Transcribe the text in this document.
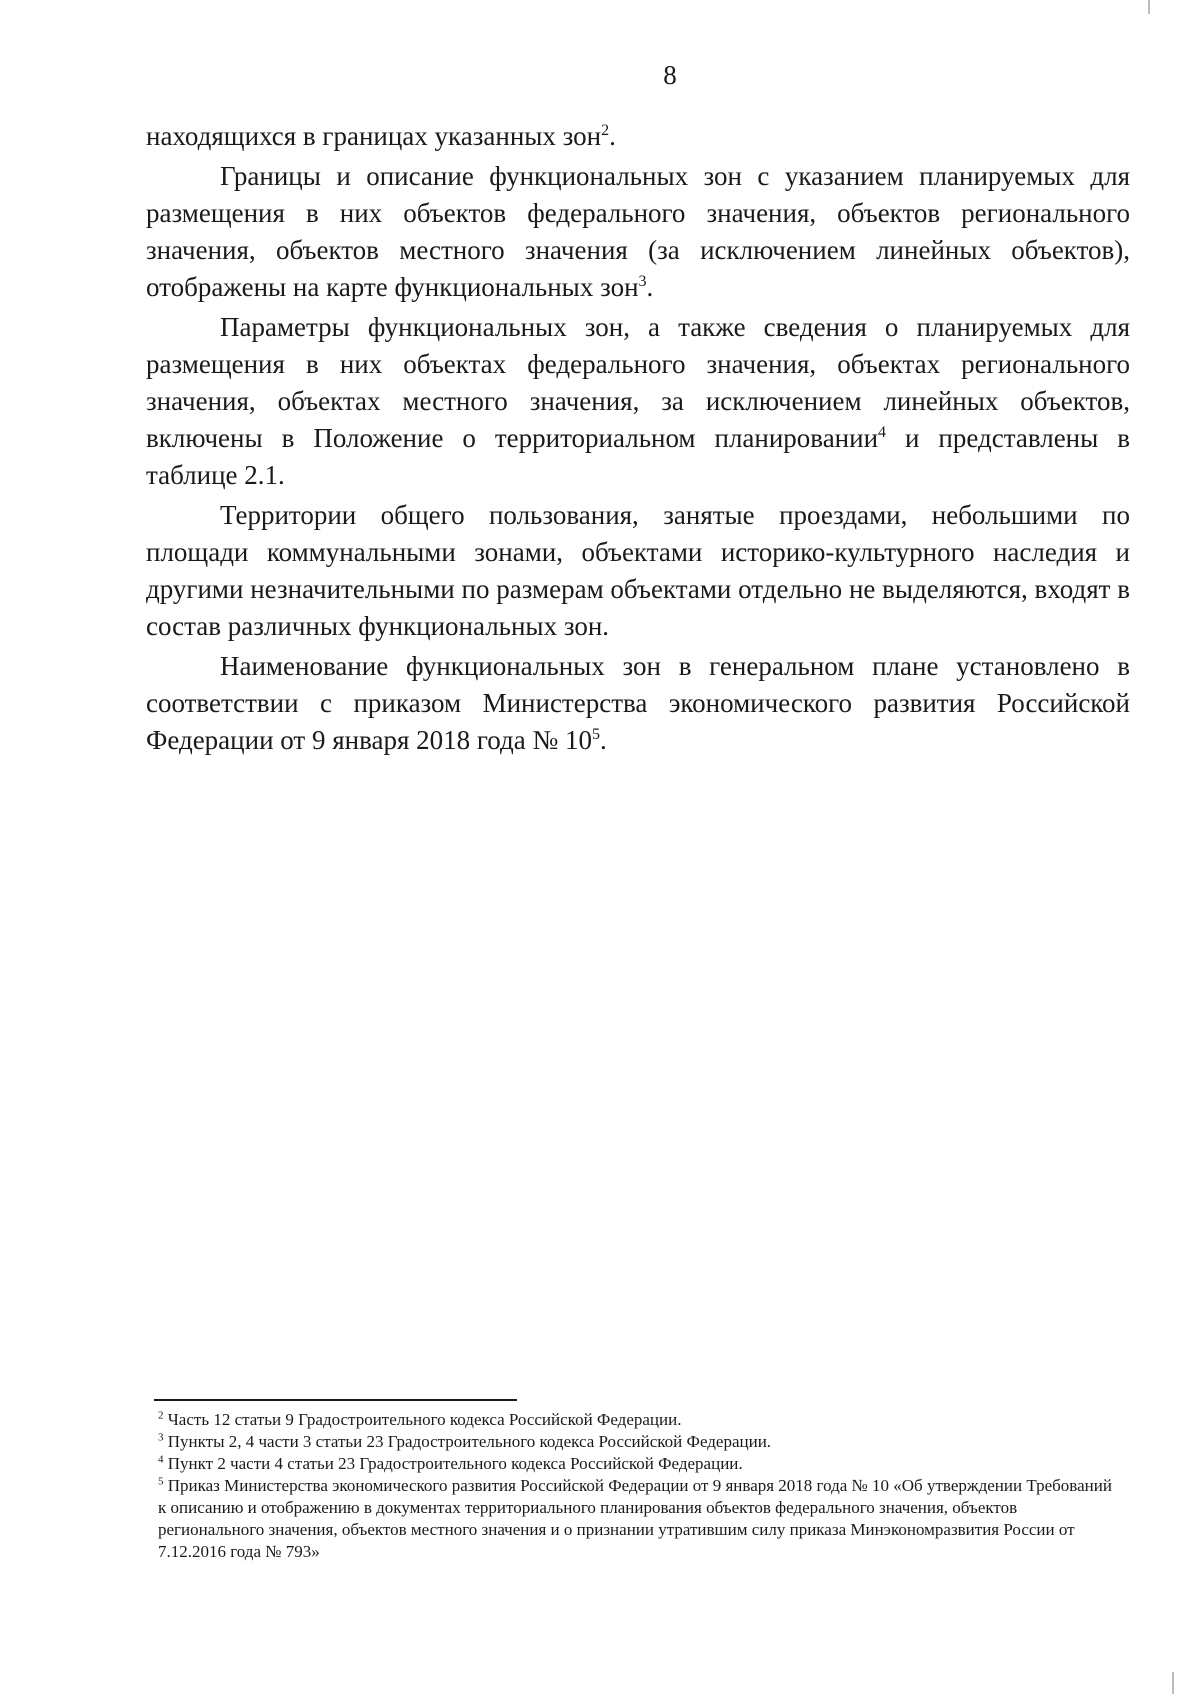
8

находящихся в границах указанных зон$^2$.

Границы и описание функциональных зон с указанием планируемых для размещения в них объектов федерального значения, объектов регионального значения, объектов местного значения (за исключением линейных объектов), отображены на карте функциональных зон$^3$.

Параметры функциональных зон, а также сведения о планируемых для размещения в них объектах федерального значения, объектах регионального значения, объектах местного значения, за исключением линейных объектов, включены в Положение о территориальном планировании$^4$ и представлены в таблице 2.1.

Территории общего пользования, занятые проездами, небольшими по площади коммунальными зонами, объектами историко-культурного наследия и другими незначительными по размерам объектами отдельно не выделяются, входят в состав различных функциональных зон.

Наименование функциональных зон в генеральном плане установлено в соответствии с приказом Министерства экономического развития Российской Федерации от 9 января 2018 года № $10^5$.

$^2$ Часть 12 статьи 9 Градостроительного кодекса Российской Федерации.

$^3$ Пункты 2, 4 части 3 статьи 23 Градостроительного кодекса Российской Федерации.

$^4$ Пункт 2 части 4 статьи 23 Градостроительного кодекса Российской Федерации.

$^5$ Приказ Министерства экономического развития Российской Федерации от 9 января 2018 года № 10 «Об утверждении Требований к описанию и отображению в документах территориального планирования объектов федерального значения, объектов регионального значения, объектов местного значения и о признании утратившим силу приказа Минэкономразвития России от 7.12.2016 года № 793»
